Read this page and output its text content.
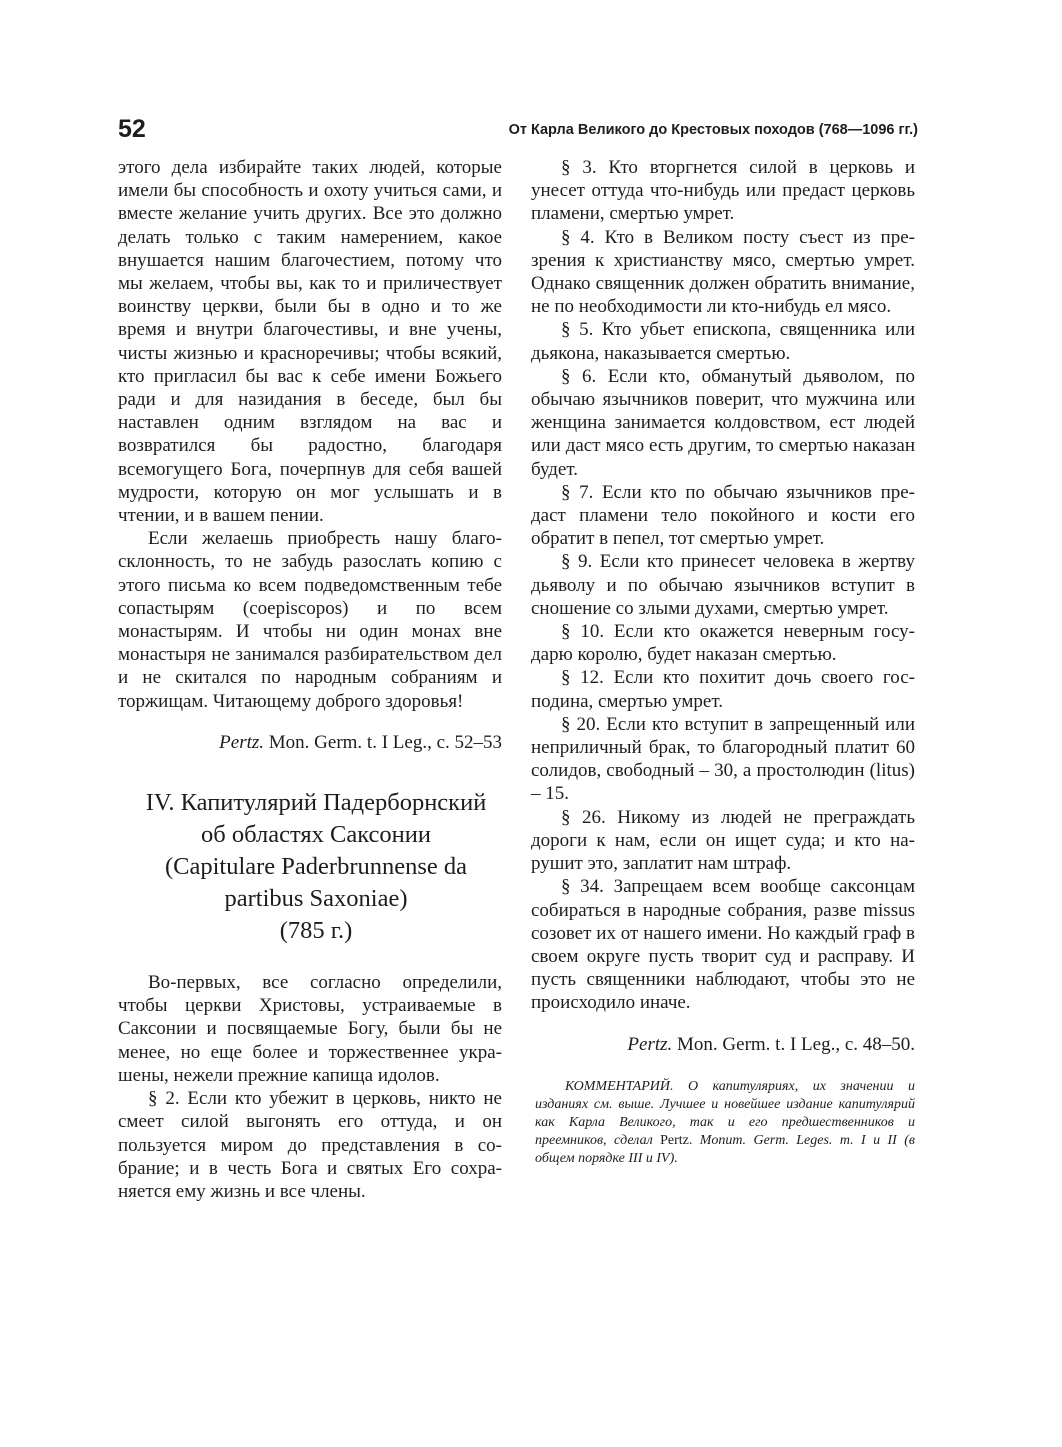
52	От Карла Великого до Крестовых походов (768—1096 гг.)

этого дела избирайте таких людей, которые имели бы способность и охоту учиться сами, и вместе желание учить других. Все это должно делать только с таким намерением, какое внушается нашим благочестием, потому что мы желаем, чтобы вы, как то и приличествует воинству церкви, были бы в одно и то же время и внутри благочестивы, и вне учены, чисты жизнью и красноречивы; чтобы всякий, кто пригласил бы вас к себе имени Божьего ради и для назидания в беседе, был бы наставлен одним взглядом на вас и возвратился бы радостно, благодаря всемогущего Бога, почерпнув для себя вашей мудрости, которую он мог услышать и в чтении, и в вашем пении.

Если желаешь приобресть нашу благосклонность, то не забудь разослать копию с этого письма ко всем подведомственным тебе сопастырям (coepiscopos) и по всем монастырям. И чтобы ни один монах вне монастыря не занимался разбирательством дел и не скитался по народным собраниям и торжищам. Читающему доброго здоровья!

Pertz. Mon. Germ. t. I Leg., c. 52–53

IV. Капитулярий Падерборнский
об областях Саксонии
(Capitulare Paderbrunnense da
partibus Saxoniae)
(785 г.)

Во-первых, все согласно определили, чтобы церкви Христовы, устраиваемые в Саксонии и посвящаемые Богу, были бы не менее, но еще более и торжественнее украшены, нежели прежние капища идолов.

§ 2. Если кто убежит в церковь, никто не смеет силой выгонять его оттуда, и он пользуется миром до представления в собрание; и в честь Бога и святых Его сохраняется ему жизнь и все члены.

§ 3. Кто вторгнется силой в церковь и унесет оттуда что-нибудь или предаст церковь пламени, смертью умрет.

§ 4. Кто в Великом посту съест из презрения к христианству мясо, смертью умрет. Однако священник должен обратить внимание, не по необходимости ли кто-нибудь ел мясо.

§ 5. Кто убьет епископа, священника или дьякона, наказывается смертью.

§ 6. Если кто, обманутый дьяволом, по обычаю язычников поверит, что мужчина или женщина занимается колдовством, ест людей или даст мясо есть другим, то смертью наказан будет.

§ 7. Если кто по обычаю язычников предаст пламени тело покойного и кости его обратит в пепел, тот смертью умрет.

§ 9. Если кто принесет человека в жертву дьяволу и по обычаю язычников вступит в сношение со злыми духами, смертью умрет.

§ 10. Если кто окажется неверным государю королю, будет наказан смертью.

§ 12. Если кто похитит дочь своего господина, смертью умрет.

§ 20. Если кто вступит в запрещенный или неприличный брак, то благородный платит 60 солидов, свободный – 30, а простолюдин (litus) – 15.

§ 26. Никому из людей не преграждать дороги к нам, если он ищет суда; и кто нарушит это, заплатит нам штраф.

§ 34. Запрещаем всем вообще саксонцам собираться в народные собрания, разве missus созовет их от нашего имени. Но каждый граф в своем округе пусть творит суд и расправу. И пусть священники наблюдают, чтобы это не происходило иначе.

Pertz. Mon. Germ. t. I Leg., c. 48–50.

КОММЕНТАРИЙ. О капитуляриях, их значении и изданиях см. выше. Лучшее и новейшее издание капитулярий как Карла Великого, так и его предшественников и преемников, сделал Pertz. Monum. Germ. Leges. т. I и II (в общем порядке III и IV).
